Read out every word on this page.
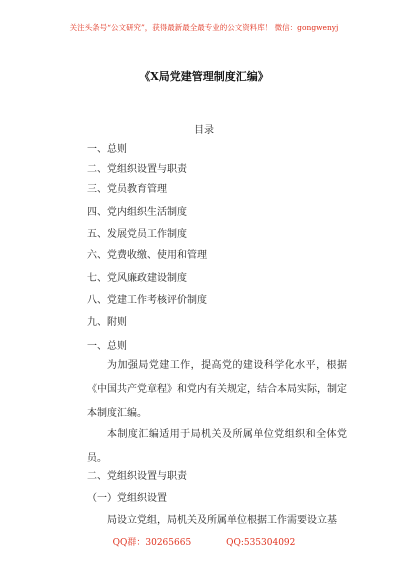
关注头条号“公文研究”，获得最新最全最专业的公文资料库！ 微信：gongwenyj
《X局党建管理制度汇编》
目录
一、总则
二、党组织设置与职责
三、党员教育管理
四、党内组织生活制度
五、发展党员工作制度
六、党费收缴、使用和管理
七、党风廉政建设制度
八、党建工作考核评价制度
九、附则
一、总则
为加强局党建工作，提高党的建设科学化水平，根据《中国共产党章程》和党内有关规定，结合本局实际，制定本制度汇编。
本制度汇编适用于局机关及所属单位党组织和全体党员。
二、党组织设置与职责
（一）党组织设置
局设立党组，局机关及所属单位根据工作需要设立基
QQ群：30265665	QQ:535304092
